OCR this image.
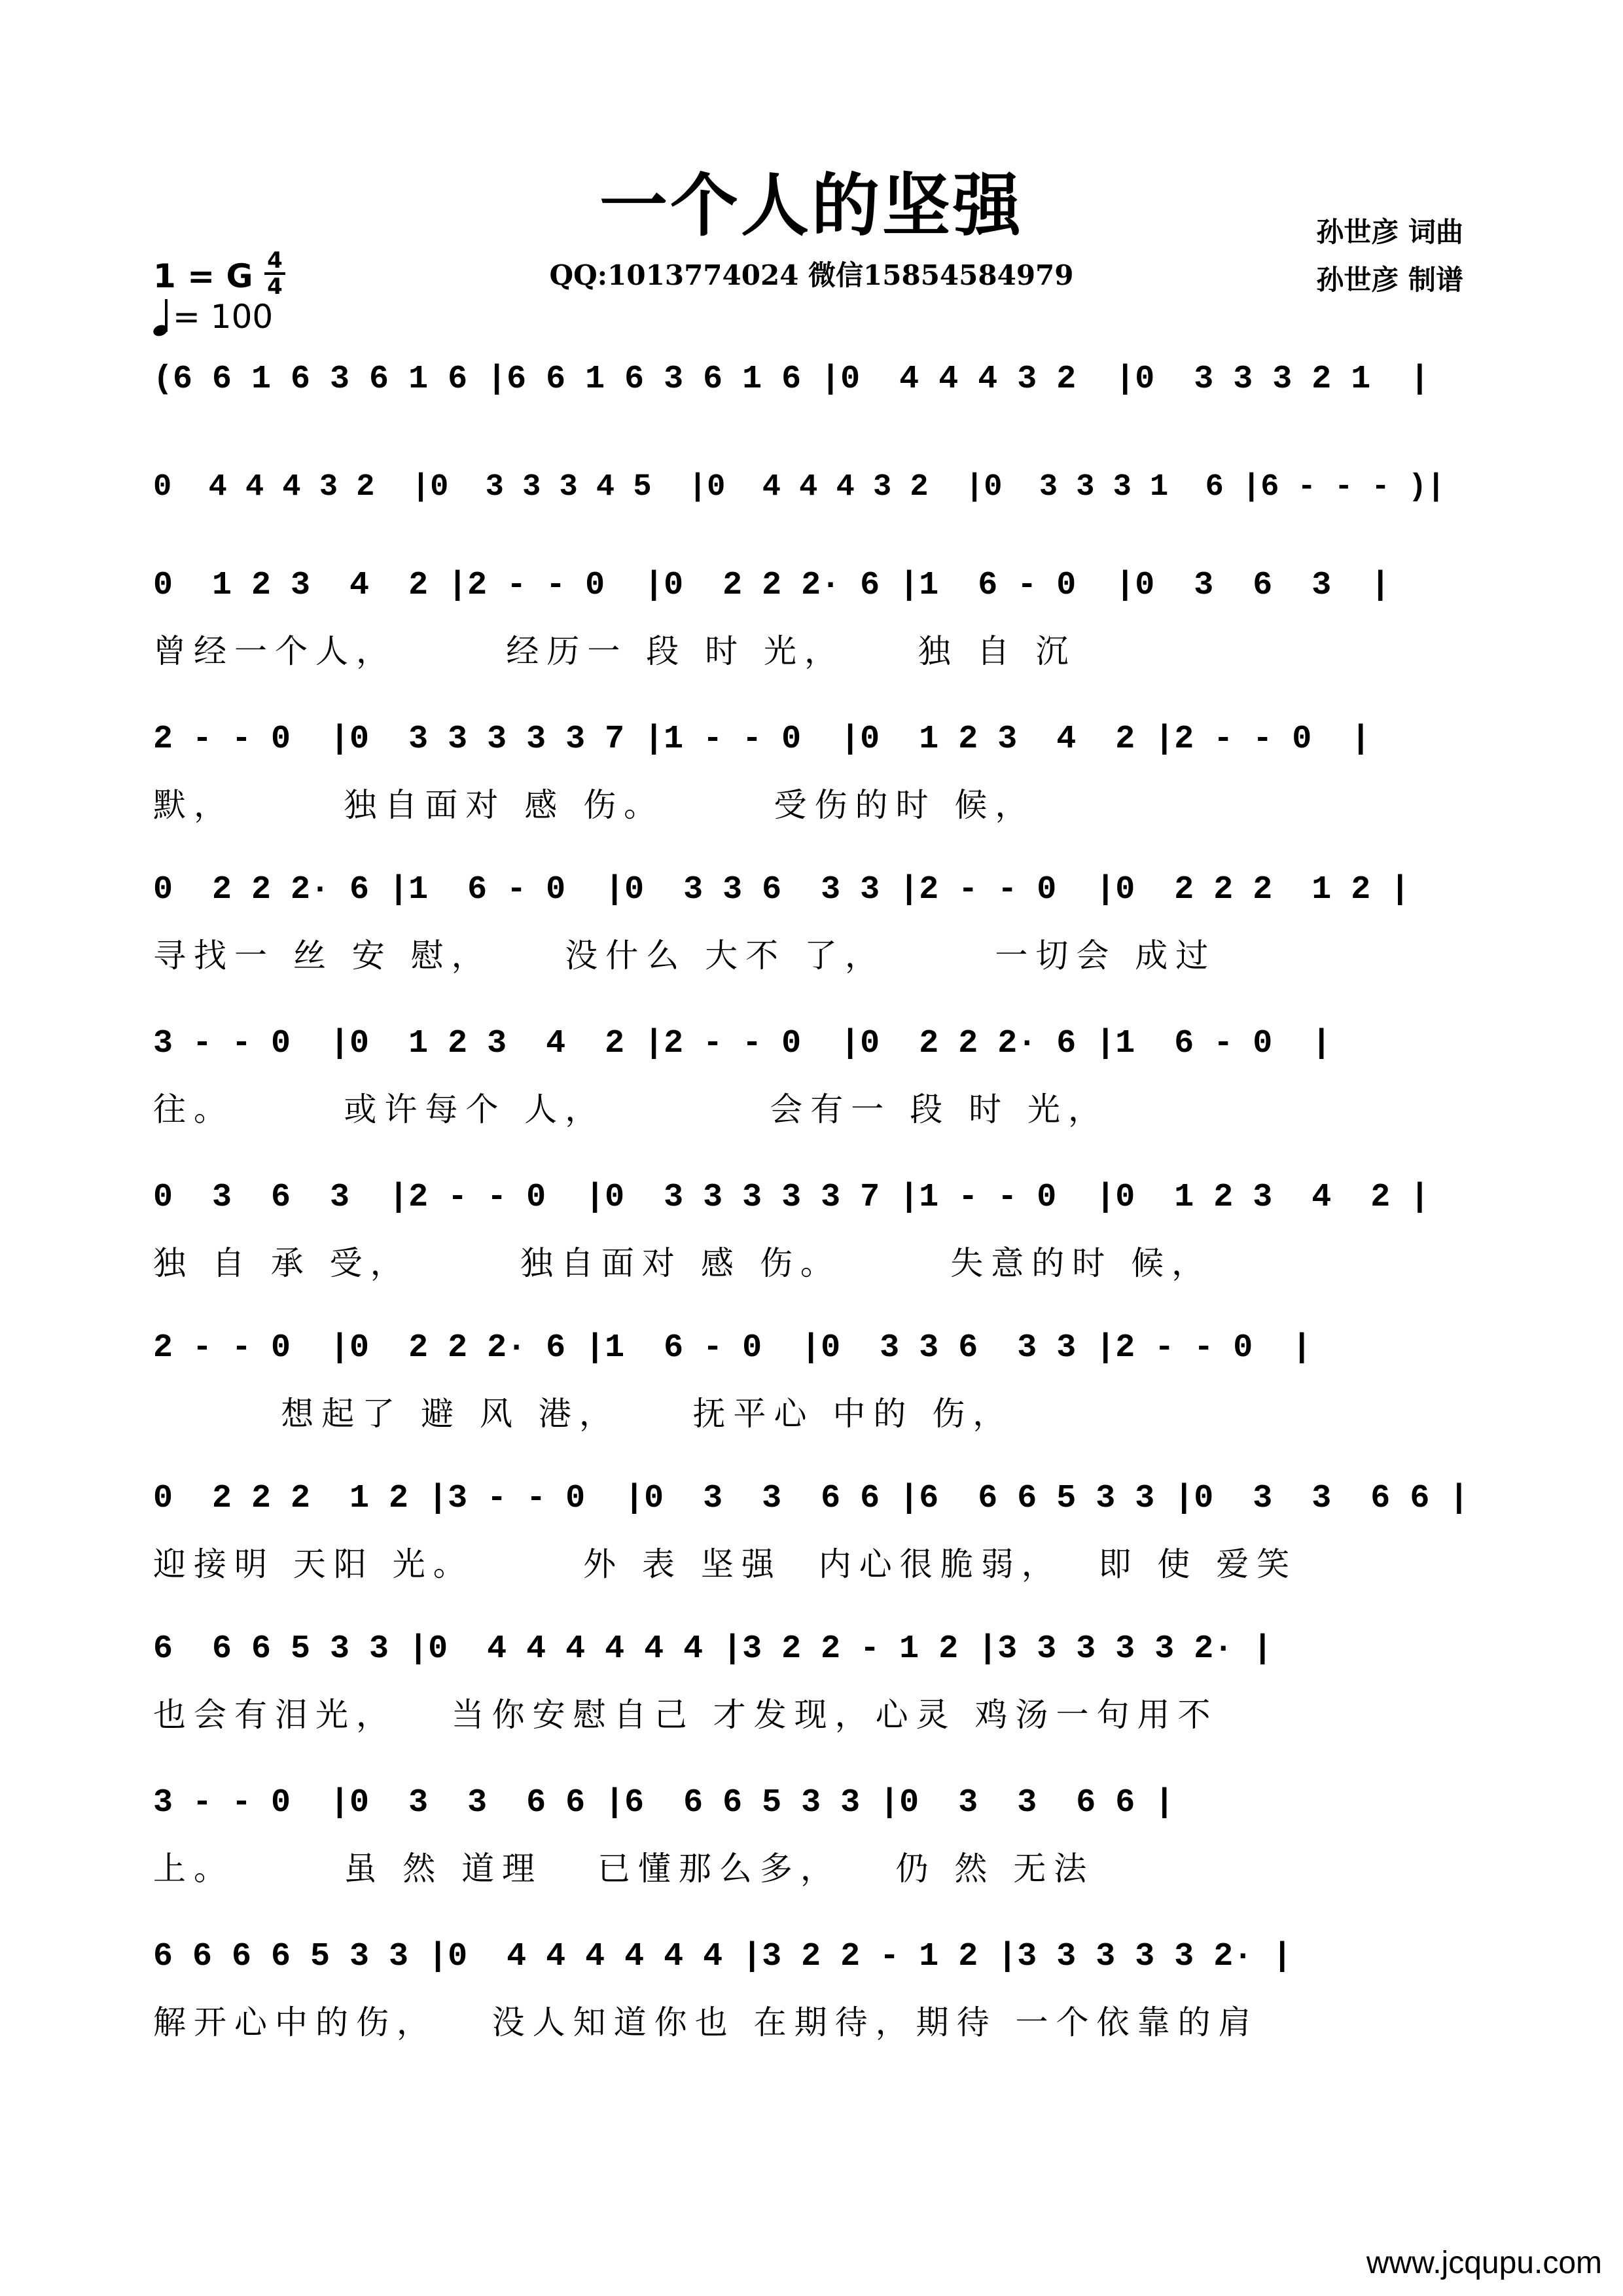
一个人的坚强
QQ:1013774024 微信15854584979
孙世彦 词曲
孙世彦 制谱
1 = G 4
4
= 100
(6 6 1 6 3 6 1 6 |6 6 1 6 3 6 1 6 |0  4 4 4 3 2  |0  3 3 3 2 1  |
0  4 4 4 3 2  |0  3 3 3 4 5  |0  4 4 4 3 2  |0  3 3 3 1  6 |6 - - - )|
0  1 2 3  4  2 |2 - - 0  |0  2 2 2· 6 |1  6 - 0  |0  3  6  3  |
曾经一个人，      经历一 段 时 光，    独 自 沉
2 - - 0  |0  3 3 3 3 3 7 |1 - - 0  |0  1 2 3  4  2 |2 - - 0  |
默，      独自面对 感 伤。      受伤的时 候，
0  2 2 2· 6 |1  6 - 0  |0  3 3 6  3 3 |2 - - 0  |0  2 2 2  1 2 |
寻找一 丝 安 慰，    没什么 大不 了，      一切会 成过
3 - - 0  |0  1 2 3  4  2 |2 - - 0  |0  2 2 2· 6 |1  6 - 0  |
往。      或许每个 人，         会有一 段 时 光，
0  3  6  3  |2 - - 0  |0  3 3 3 3 3 7 |1 - - 0  |0  1 2 3  4  2 |
独 自 承 受，      独自面对 感 伤。      失意的时 候，
2 - - 0  |0  2 2 2· 6 |1  6 - 0  |0  3 3 6  3 3 |2 - - 0  |
想起了 避 风 港，    抚平心 中的 伤，
0  2 2 2  1 2 |3 - - 0  |0  3  3  6 6 |6  6 6 5 3 3 |0  3  3  6 6 |
迎接明 天阳 光。      外 表 坚强  内心很脆弱，  即 使 爱笑
6  6 6 5 3 3 |0  4 4 4 4 4 4 |3 2 2 - 1 2 |3 3 3 3 3 2· |
也会有泪光，   当你安慰自己 才发现，心灵 鸡汤一句用不
3 - - 0  |0  3  3  6 6 |6  6 6 5 3 3 |0  3  3  6 6 |
上。      虽 然 道理   已懂那么多，   仍 然 无法
6 6 6 6 5 3 3 |0  4 4 4 4 4 4 |3 2 2 - 1 2 |3 3 3 3 3 2· |
解开心中的伤，   没人知道你也 在期待，期待 一个依靠的肩
www.jcqupu.com
